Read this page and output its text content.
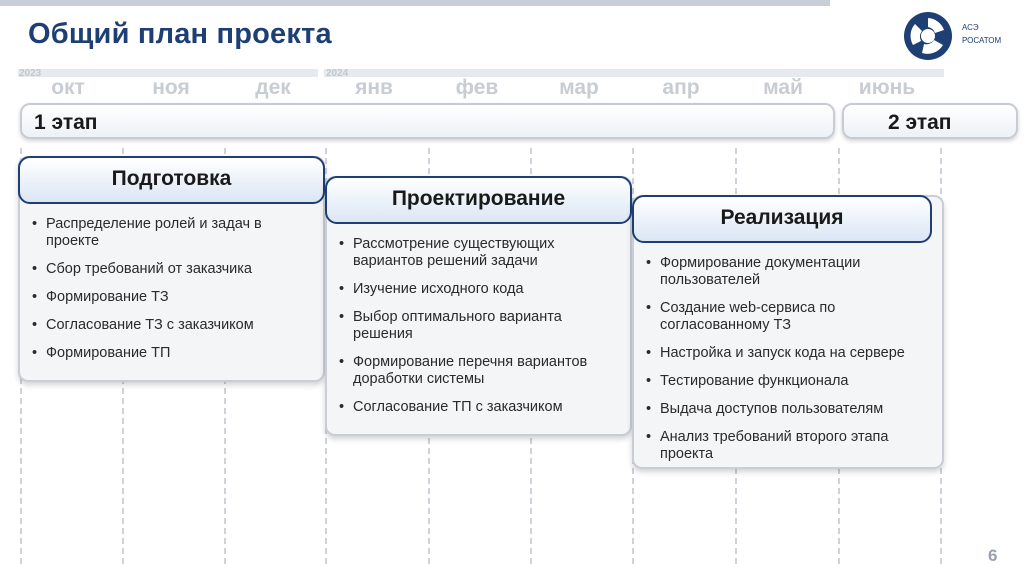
Общий план проекта	АСЭ
РОСАТОМ
2023	2024
окт	ноя	дек	янв	фев	мар	апр	май	июнь
1 этап	2 этап
Подготовка
• Распределение ролей и задач в проекте
• Сбор требований от заказчика
• Формирование ТЗ
• Согласование ТЗ с заказчиком
• Формирование ТП
Проектирование
• Рассмотрение существующих вариантов решений задачи
• Изучение исходного кода
• Выбор оптимального варианта решения
• Формирование перечня вариантов доработки системы
• Согласование ТП с заказчиком
Реализация
• Формирование документации пользователей
• Создание web-сервиса по согласованному ТЗ
• Настройка и запуск кода на сервере
• Тестирование функционала
• Выдача доступов пользователям
• Анализ требований второго этапа проекта
6
